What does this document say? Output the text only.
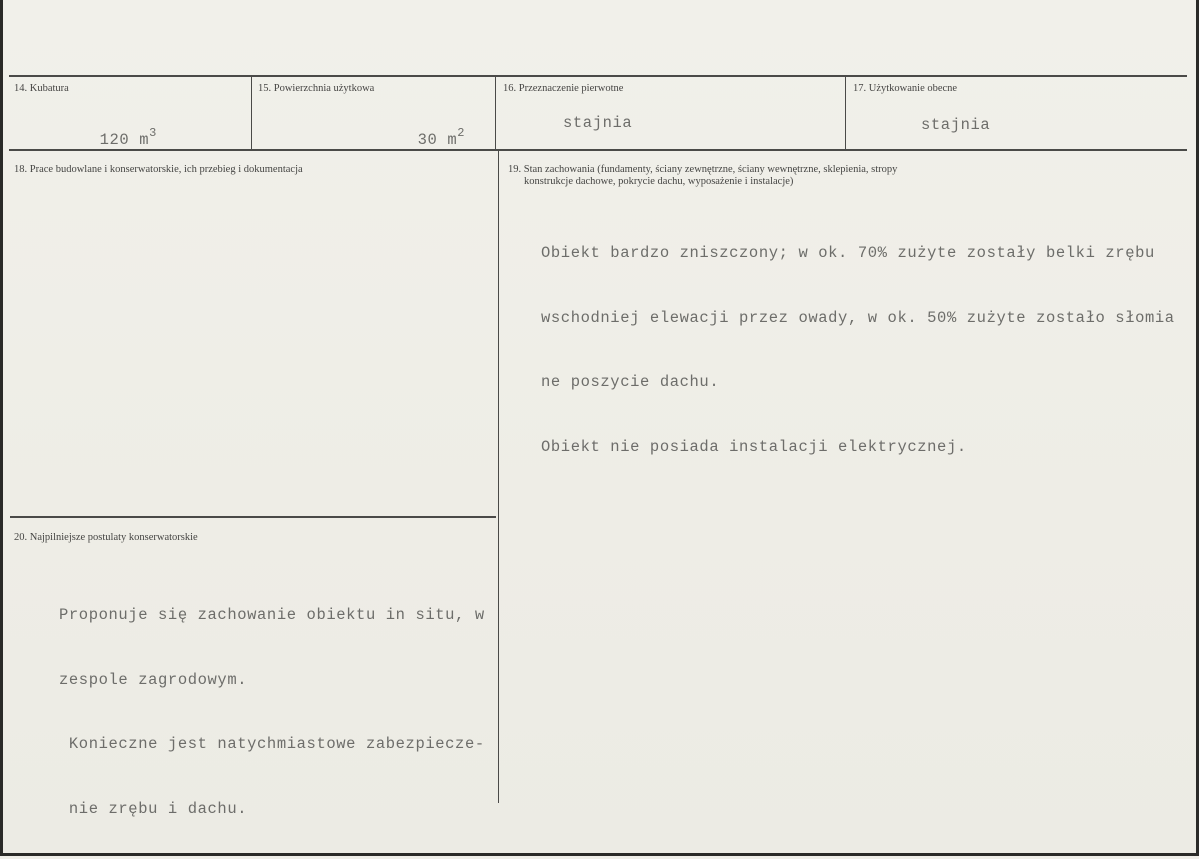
14. Kubatura

120 $m^3$

15. Powierzchnia użytkowa

30 $m^2$

16. Przeznaczenie pierwotne
stajnia
17. Użytkowanie obecne
stajnia
18. Prace budowlane i konserwatorskie, ich przebieg i dokumentacja	19. Stan zachowania (fundamenty, ściany zewnętrzne, ściany wewnętrzne, sklepienia, stropy
konstrukcje dachowe, pokrycie dachu, wyposażenie i instalacje)

Obiekt bardzo zniszczony; w ok. 70% zużyte zostały belki zrębu

wschodniej elewacji przez owady, w ok. 50% zużyte zostało słomia

ne poszycie dachu.

Obiekt nie posiada instalacji elektrycznej.

20. Najpilniejsze postulaty konserwatorskie

Proponuje się zachowanie obiektu in situ, w

zespole zagrodowym.

Konieczne jest natychmiastowe zabezpiecze-

nie zrębu i dachu.
